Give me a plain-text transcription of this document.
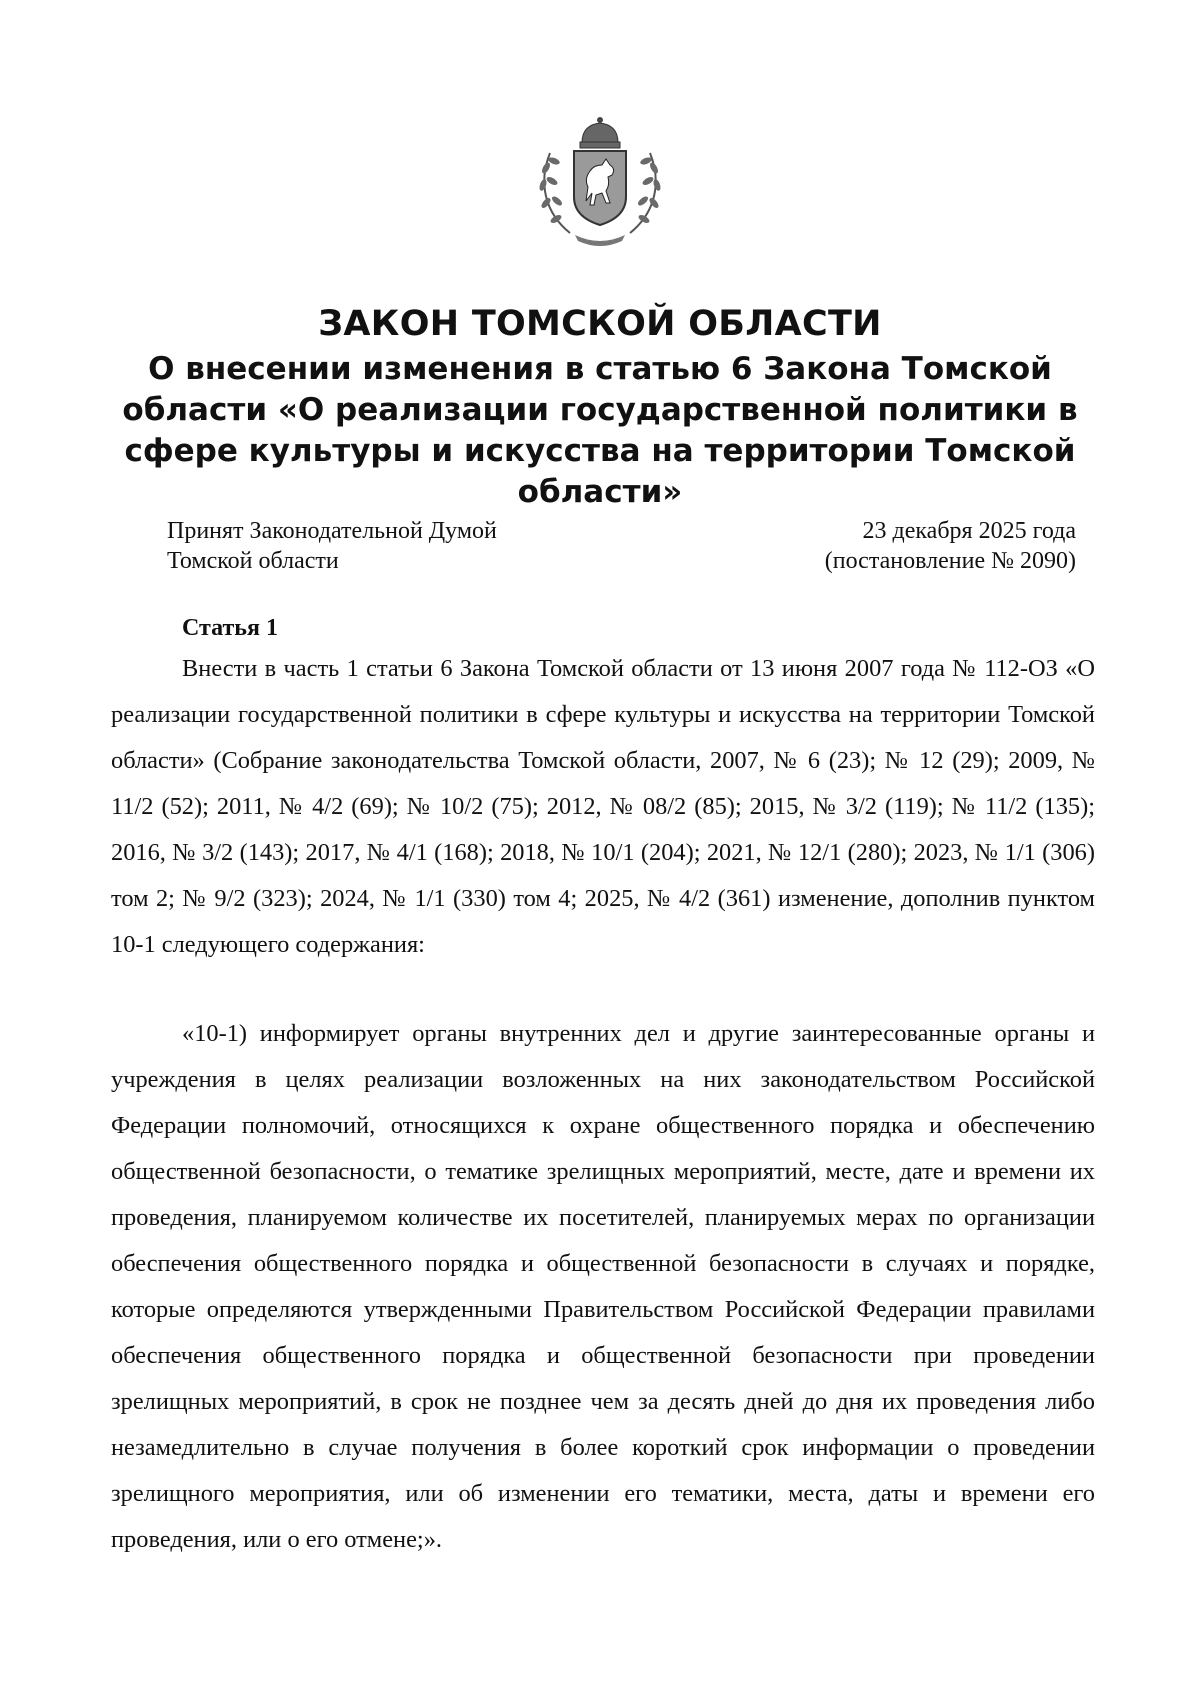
ЗАКОН ТОМСКОЙ ОБЛАСТИ
О внесении изменения в статью 6 Закона Томской области «О реализации государственной политики в сфере культуры и искусства на территории Томской области»
Принят Законодательной Думой
Томской области
23 декабря 2025 года
(постановление № 2090)
Статья 1

Внести в часть 1 статьи 6 Закона Томской области от 13 июня 2007 года № 112-ОЗ «О реализации государственной политики в сфере культуры и искусства на территории Томской области» (Собрание законодательства Томской области, 2007, № 6 (23); № 12 (29); 2009, № 11/2 (52); 2011, № 4/2 (69); № 10/2 (75); 2012, № 08/2 (85); 2015, № 3/2 (119); № 11/2 (135); 2016, № 3/2 (143); 2017, № 4/1 (168); 2018, № 10/1 (204); 2021, № 12/1 (280); 2023, № 1/1 (306) том 2; № 9/2 (323); 2024, № 1/1 (330) том 4; 2025, № 4/2 (361) изменение, дополнив пунктом 10-1 следующего содержания:

«10-1) информирует органы внутренних дел и другие заинтересованные органы и учреждения в целях реализации возложенных на них законодательством Российской Федерации полномочий, относящихся к охране общественного порядка и обеспечению общественной безопасности, о тематике зрелищных мероприятий, месте, дате и времени их проведения, планируемом количестве их посетителей, планируемых мерах по организации обеспечения общественного порядка и общественной безопасности в случаях и порядке, которые определяются утвержденными Правительством Российской Федерации правилами обеспечения общественного порядка и общественной безопасности при проведении зрелищных мероприятий, в срок не позднее чем за десять дней до дня их проведения либо незамедлительно в случае получения в более короткий срок информации о проведении зрелищного мероприятия, или об изменении его тематики, места, даты и времени его проведения, или о его отмене;».
